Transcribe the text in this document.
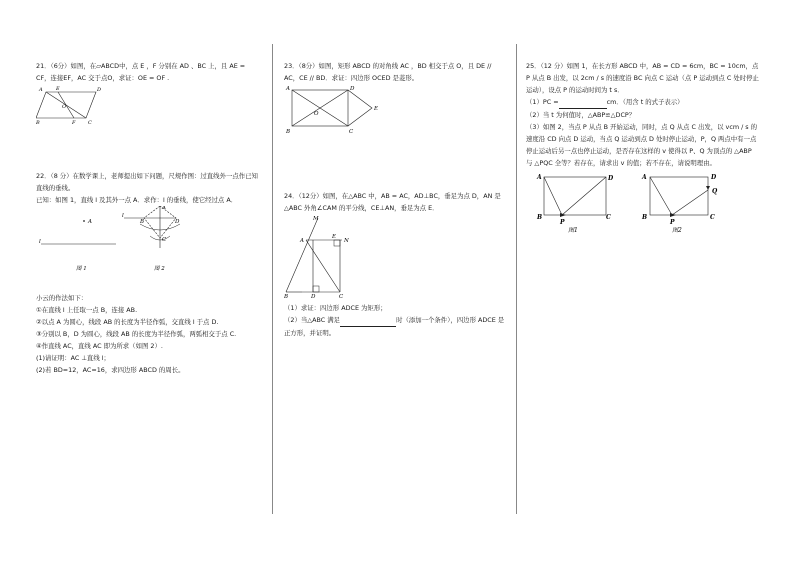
21．（6分）如图，在▱ABCD中，点 E ，F 分别在 AD 、BC 上，且 AE = CF，连接EF，AC 交于点O，求证：OE = OF .

A	E	D
O
B	F	C

22．（8 分）在数学课上，老师提出如下问题，尺规作图：过直线外一点作已知直线的垂线。

已知：如图 1，直线 l 及其外一点 A．求作：l 的垂线，使它经过点 A．

A
l
图 1
l
A
B	D
C
图 2

小云的作法如下：

①在直线 l 上任取一点 B，连接 AB.

②以点 A 为圆心，线段 AB 的长度为半径作弧，交直线 l 于点 D.

③分别以 B，D 为圆心，线段 AB 的长度为半径作弧，两弧相交于点 C.

④作直线 AC，直线 AC 即为所求（如图 2）.

(1)请证明：AC ⊥直线 l；

(2)若 BD=12，AC=16，求四边形 ABCD 的周长。

23．（8分）如图，矩形 ABCD 的对角线 AC ，BD 相交于点 O，且 DE // AC，CE // BD．求证：四边形 OCED 是菱形。

A	D
O
E
B	C

24．（12分）如图，在△ABC 中，AB = AC，AD⊥BC，垂足为点 D，AN 是△ABC 外角∠CAM 的平分线，CE⊥AN，垂足为点 E．

M
A
E
N
B	D	C

（1）求证：四边形 ADCE 为矩形；

（2）当△ABC 满足	时（添加一个条件），四边形 ADCE 是正方形，并证明。

25．（12 分）如图 1，在长方形 ABCD 中，AB = CD = 6cm，BC = 10cm，点 P 从点 B 出发，以 2cm / s 的速度沿 BC 向点 C 运动（点 P 运动到点 C 处时停止运动），设点 P 的运动时间为 t s．

（1）PC =	cm．（用含 t 的式子表示）

（2）当 t 为何值时，△ABP≌△DCP？

（3）如图 2，当点 P 从点 B 开始运动，同时，点 Q 从点 C 出发，以 vcm / s 的速度沿 CD 向点 D 运动，当点 Q 运动到点 D 处时停止运动，P，Q 两点中有一点停止运动后另一点也停止运动，是否存在这样的 v 使得以 P、Q 为顶点的 △ABP 与 △PQC 全等？若存在，请求出 v 的值；若不存在，请说明理由。

A	D
B
P
C
图1
A	D
Q
B
P
C
图2
